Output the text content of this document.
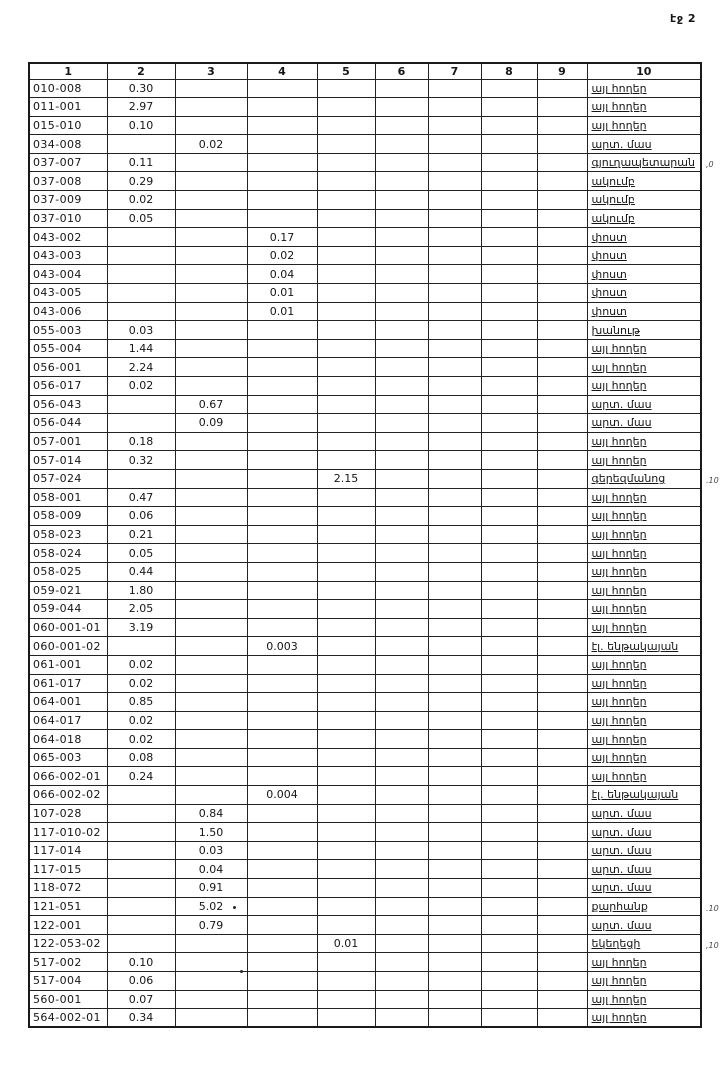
էջ 2
1	2	3	4	5	6	7	8	9	10
010-008	0.30								այլ հողեր
011-001	2.97								այլ հողեր
015-010	0.10								այլ հողեր
034-008		0.02							արտ. մաս
037-007	0.11								գյուղապետարան ,0

037-008	0.29								ակումբ
037-009	0.02								ակումբ
037-010	0.05								ակումբ
043-002			0.17						փոստ
043-003			0.02						փոստ
043-004			0.04						փոստ
043-005			0.01						փոստ
043-006			0.01						փոստ
055-003	0.03								խանութ
055-004	1.44								այլ հողեր
056-001	2.24								այլ հողեր
056-017	0.02								այլ հողեր
056-043		0.67							արտ. մաս
056-044		0.09							արտ. մաս
057-001	0.18								այլ հողեր
057-014	0.32								այլ հողեր
057-024				2.15					գերեզմանոց .10

058-001	0.47								այլ հողեր
058-009	0.06								այլ հողեր
058-023	0.21								այլ հողեր
058-024	0.05								այլ հողեր
058-025	0.44								այլ հողեր
059-021	1.80								այլ հողեր
059-044	2.05								այլ հողեր
060-001-01	3.19								այլ հողեր
060-001-02			0.003						էլ. ենթակայան
061-001	0.02								այլ հողեր
061-017	0.02								այլ հողեր
064-001	0.85								այլ հողեր
064-017	0.02								այլ հողեր
064-018	0.02								այլ հողեր
065-003	0.08								այլ հողեր
066-002-01	0.24								այլ հողեր
066-002-02			0.004						էլ. ենթակայան
107-028		0.84							արտ. մաս
117-010-02		1.50							արտ. մաս
117-014		0.03							արտ. մաս
117-015		0.04							արտ. մաս
118-072		0.91							արտ. մաս
121-051		5.02							քարհանք .10

122-001		0.79							արտ. մաս
122-053-02				0.01					եկեղեցի ,10

517-002	0.10								այլ հողեր
517-004	0.06								այլ հողեր
560-001	0.07								այլ հողեր
564-002-01	0.34								այլ հողեր
